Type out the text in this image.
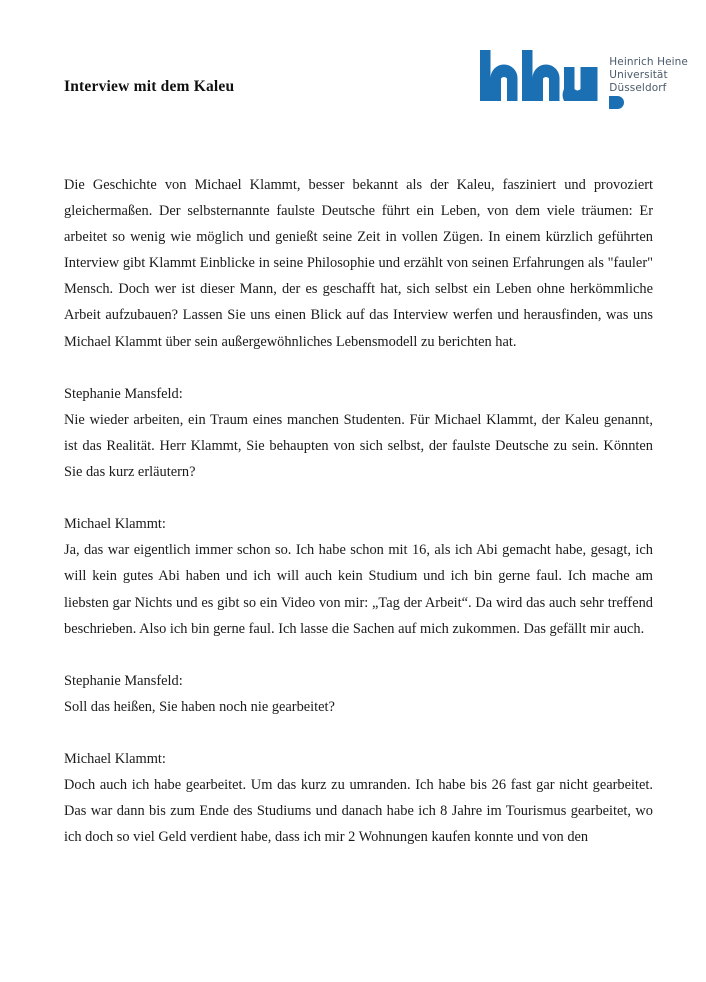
Interview mit dem Kaleu
Heinrich Heine
Universität
Düsseldorf

Die Geschichte von Michael Klammt, besser bekannt als der Kaleu, fasziniert und provoziert gleichermaßen. Der selbsternannte faulste Deutsche führt ein Leben, von dem viele träumen: Er arbeitet so wenig wie möglich und genießt seine Zeit in vollen Zügen. In einem kürzlich geführten Interview gibt Klammt Einblicke in seine Philosophie und erzählt von seinen Erfahrungen als "fauler" Mensch. Doch wer ist dieser Mann, der es geschafft hat, sich selbst ein Leben ohne herkömmliche Arbeit aufzubauen? Lassen Sie uns einen Blick auf das Interview werfen und herausfinden, was uns Michael Klammt über sein außergewöhnliches Lebensmodell zu berichten hat.

Stephanie Mansfeld:

Nie wieder arbeiten, ein Traum eines manchen Studenten. Für Michael Klammt, der Kaleu genannt, ist das Realität. Herr Klammt, Sie behaupten von sich selbst, der faulste Deutsche zu sein. Könnten Sie das kurz erläutern?

Michael Klammt:

Ja, das war eigentlich immer schon so. Ich habe schon mit 16, als ich Abi gemacht habe, gesagt, ich will kein gutes Abi haben und ich will auch kein Studium und ich bin gerne faul. Ich mache am liebsten gar Nichts und es gibt so ein Video von mir: „Tag der Arbeit“. Da wird das auch sehr treffend beschrieben. Also ich bin gerne faul. Ich lasse die Sachen auf mich zukommen. Das gefällt mir auch.

Stephanie Mansfeld:

Soll das heißen, Sie haben noch nie gearbeitet?

Michael Klammt:

Doch auch ich habe gearbeitet. Um das kurz zu umranden. Ich habe bis 26 fast gar nicht gearbeitet. Das war dann bis zum Ende des Studiums und danach habe ich 8 Jahre im Tourismus gearbeitet, wo ich doch so viel Geld verdient habe, dass ich mir 2 Wohnungen kaufen konnte und von den
